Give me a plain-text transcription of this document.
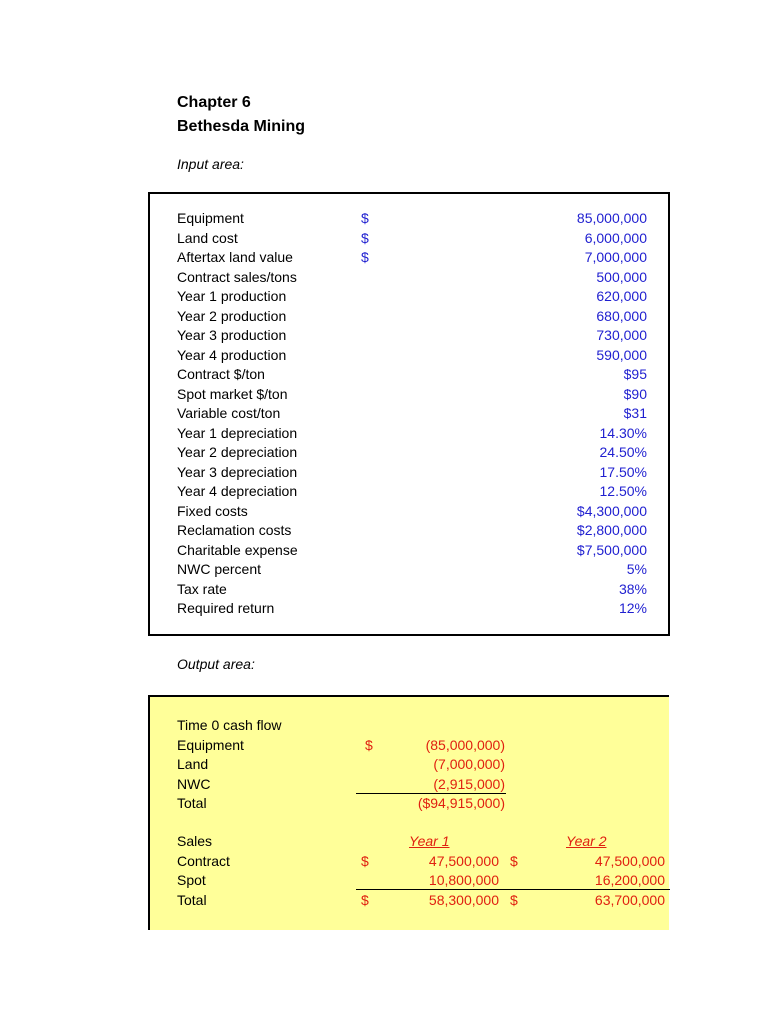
Chapter 6
Bethesda Mining
Input area:
Equipment	$	85,000,000
Land cost	$	6,000,000
Aftertax land value	$	7,000,000
Contract sales/tons	500,000
Year 1 production	620,000
Year 2 production	680,000
Year 3 production	730,000
Year 4 production	590,000
Contract $/ton	$95
Spot market $/ton	$90
Variable cost/ton	$31
Year 1 depreciation	14.30%
Year 2 depreciation	24.50%
Year 3 depreciation	17.50%
Year 4 depreciation	12.50%
Fixed costs	$4,300,000
Reclamation costs	$2,800,000
Charitable expense	$7,500,000
NWC percent	5%
Tax rate	38%
Required return	12%
Output area:
Time 0 cash flow
Equipment	$	(85,000,000)
Land	(7,000,000)
NWC	(2,915,000)
Total	($94,915,000)
Sales	Year 1	Year 2
Contract	$	47,500,000 $	47,500,000
Spot	10,800,000	16,200,000
Total	$	58,300,000 $	63,700,000
